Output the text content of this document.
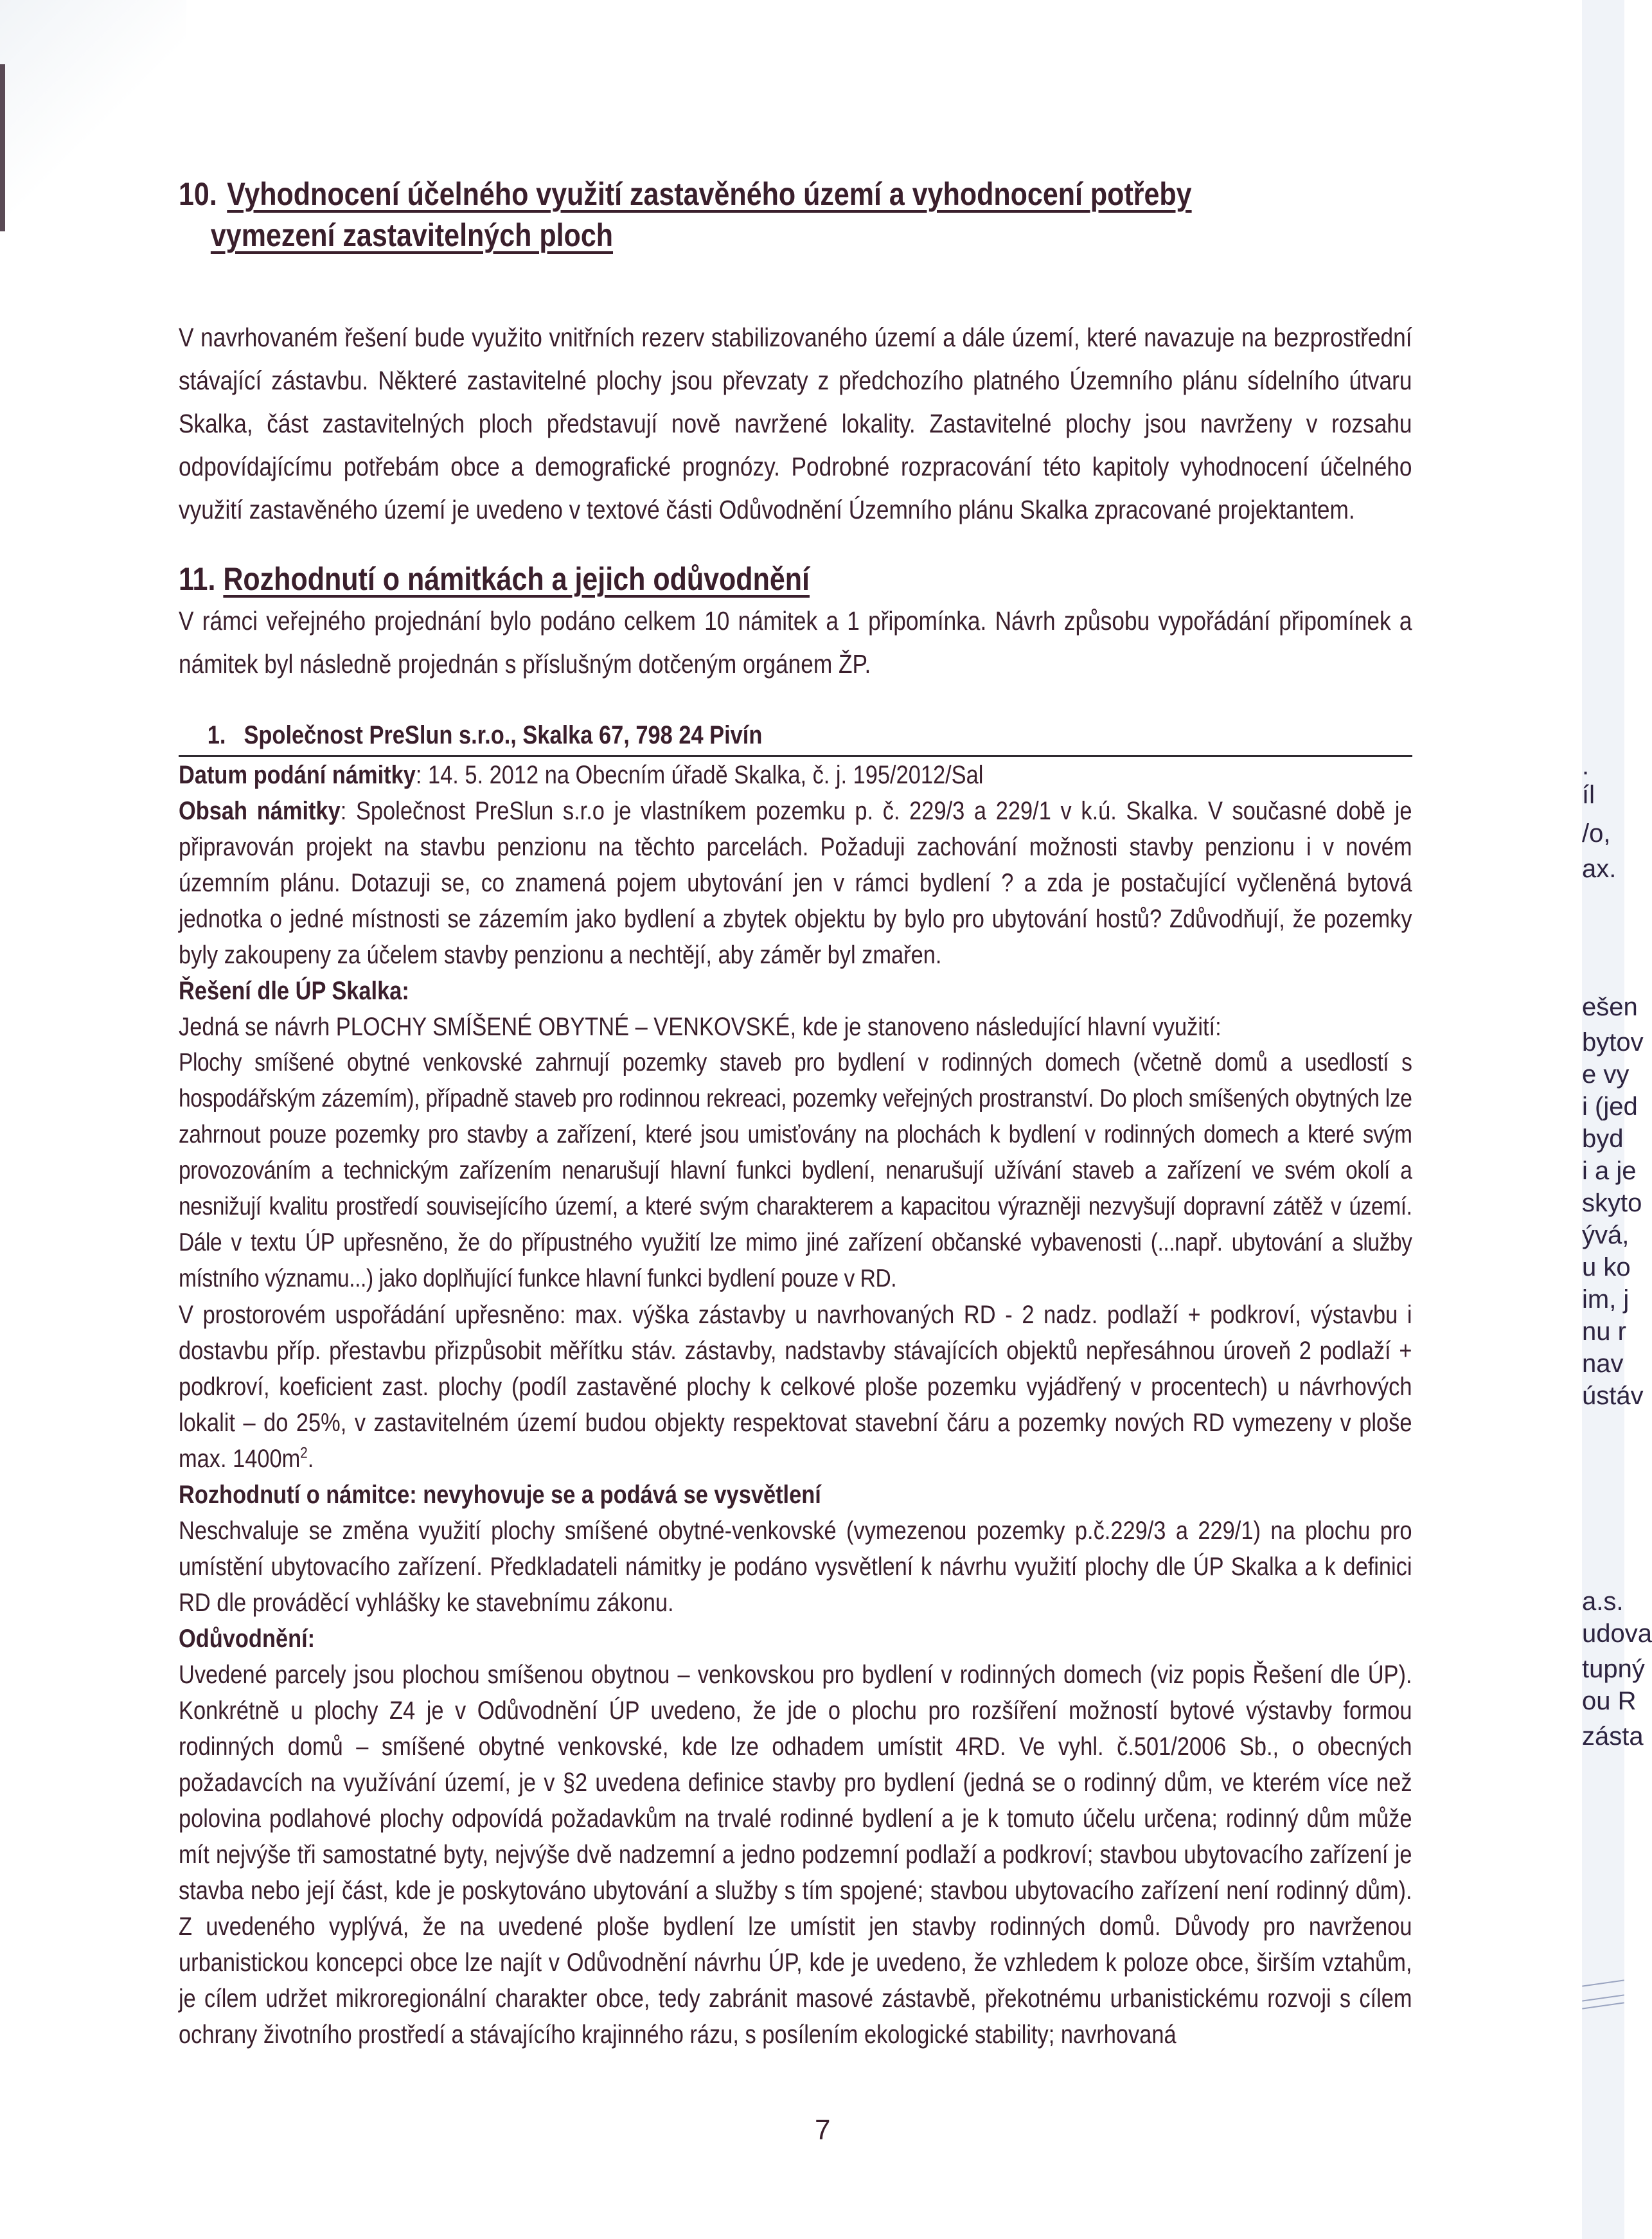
.
íl
/o,
ax.
ešen
bytov
e vy
i (jed
byd
i a je
skyto
ývá,
u ko
im, j
nu r
nav
ústáv
a.s.
udova
tupný
ou R
zásta
10. Vyhodnocení účelného využití zastavěného území a vyhodnocení potřeby
vymezení zastavitelných ploch
V navrhovaném řešení bude využito vnitřních rezerv stabilizovaného území a dále území, které navazuje na bezprostřední stávající zástavbu. Některé zastavitelné plochy jsou převzaty z předchozího platného Územního plánu sídelního útvaru Skalka, část zastavitelných ploch představují nově navržené lokality. Zastavitelné plochy jsou navrženy v rozsahu odpovídajícímu potřebám obce a demografické prognózy. Podrobné rozpracování této kapitoly vyhodnocení účelného využití zastavěného území je uvedeno v textové části Odůvodnění Územního plánu Skalka zpracované projektantem.
11. Rozhodnutí o námitkách a jejich odůvodnění
V rámci veřejného projednání bylo podáno celkem 10 námitek a 1 připomínka. Návrh způsobu vypořádání připomínek a námitek byl následně projednán s příslušným dotčeným orgánem ŽP.
1. Společnost PreSlun s.r.o., Skalka 67, 798 24 Pivín
Datum podání námitky: 14. 5. 2012 na Obecním úřadě Skalka, č. j. 195/2012/Sal
Obsah námitky: Společnost PreSlun s.r.o je vlastníkem pozemku p. č. 229/3 a 229/1 v k.ú. Skalka. V současné době je připravován projekt na stavbu penzionu na těchto parcelách. Požaduji zachování možnosti stavby penzionu i v novém územním plánu. Dotazuji se, co znamená pojem ubytování jen v rámci bydlení ? a zda je postačující vyčleněná bytová jednotka o jedné místnosti se zázemím jako bydlení a zbytek objektu by bylo pro ubytování hostů? Zdůvodňují, že pozemky byly zakoupeny za účelem stavby penzionu a nechtějí, aby záměr byl zmařen.
Řešení dle ÚP Skalka:
Jedná se návrh PLOCHY SMÍŠENÉ OBYTNÉ – VENKOVSKÉ, kde je stanoveno následující hlavní využití:
Plochy smíšené obytné venkovské zahrnují pozemky staveb pro bydlení v rodinných domech (včetně domů a usedlostí s hospodářským zázemím), případně staveb pro rodinnou rekreaci, pozemky veřejných prostranství. Do ploch smíšených obytných lze zahrnout pouze pozemky pro stavby a zařízení, které jsou umisťovány na plochách k bydlení v rodinných domech a které svým provozováním a technickým zařízením nenarušují hlavní funkci bydlení, nenarušují užívání staveb a zařízení ve svém okolí a nesnižují kvalitu prostředí souvisejícího území, a které svým charakterem a kapacitou výrazněji nezvyšují dopravní zátěž v území. Dále v textu ÚP upřesněno, že do přípustného využití lze mimo jiné zařízení občanské vybavenosti (...např. ubytování a služby místního významu...) jako doplňující funkce hlavní funkci bydlení pouze v RD.
V prostorovém uspořádání upřesněno: max. výška zástavby u navrhovaných RD - 2 nadz. podlaží + podkroví, výstavbu i dostavbu příp. přestavbu přizpůsobit měřítku stáv. zástavby, nadstavby stávajících objektů nepřesáhnou úroveň 2 podlaží + podkroví, koeficient zast. plochy (podíl zastavěné plochy k celkové ploše pozemku vyjádřený v procentech) u návrhových lokalit – do 25%, v zastavitelném území budou objekty respektovat stavební čáru a pozemky nových RD vymezeny v ploše max. $1400m^2$.
Rozhodnutí o námitce: nevyhovuje se a podává se vysvětlení
Neschvaluje se změna využití plochy smíšené obytné-venkovské (vymezenou pozemky p.č.229/3 a 229/1) na plochu pro umístění ubytovacího zařízení. Předkladateli námitky je podáno vysvětlení k návrhu využití plochy dle ÚP Skalka a k definici RD dle prováděcí vyhlášky ke stavebnímu zákonu.
Odůvodnění:
Uvedené parcely jsou plochou smíšenou obytnou – venkovskou pro bydlení v rodinných domech (viz popis Řešení dle ÚP). Konkrétně u plochy Z4 je v Odůvodnění ÚP uvedeno, že jde o plochu pro rozšíření možností bytové výstavby formou rodinných domů – smíšené obytné venkovské, kde lze odhadem umístit 4RD. Ve vyhl. č.501/2006 Sb., o obecných požadavcích na využívání území, je v §2 uvedena definice stavby pro bydlení (jedná se o rodinný dům, ve kterém více než polovina podlahové plochy odpovídá požadavkům na trvalé rodinné bydlení a je k tomuto účelu určena; rodinný dům může mít nejvýše tři samostatné byty, nejvýše dvě nadzemní a jedno podzemní podlaží a podkroví; stavbou ubytovacího zařízení je stavba nebo její část, kde je poskytováno ubytování a služby s tím spojené; stavbou ubytovacího zařízení není rodinný dům). Z uvedeného vyplývá, že na uvedené ploše bydlení lze umístit jen stavby rodinných domů. Důvody pro navrženou urbanistickou koncepci obce lze najít v Odůvodnění návrhu ÚP, kde je uvedeno, že vzhledem k poloze obce, širším vztahům, je cílem udržet mikroregionální charakter obce, tedy zabránit masové zástavbě, překotnému urbanistickému rozvoji s cílem ochrany životního prostředí a stávajícího krajinného rázu, s posílením ekologické stability; navrhovaná
7
